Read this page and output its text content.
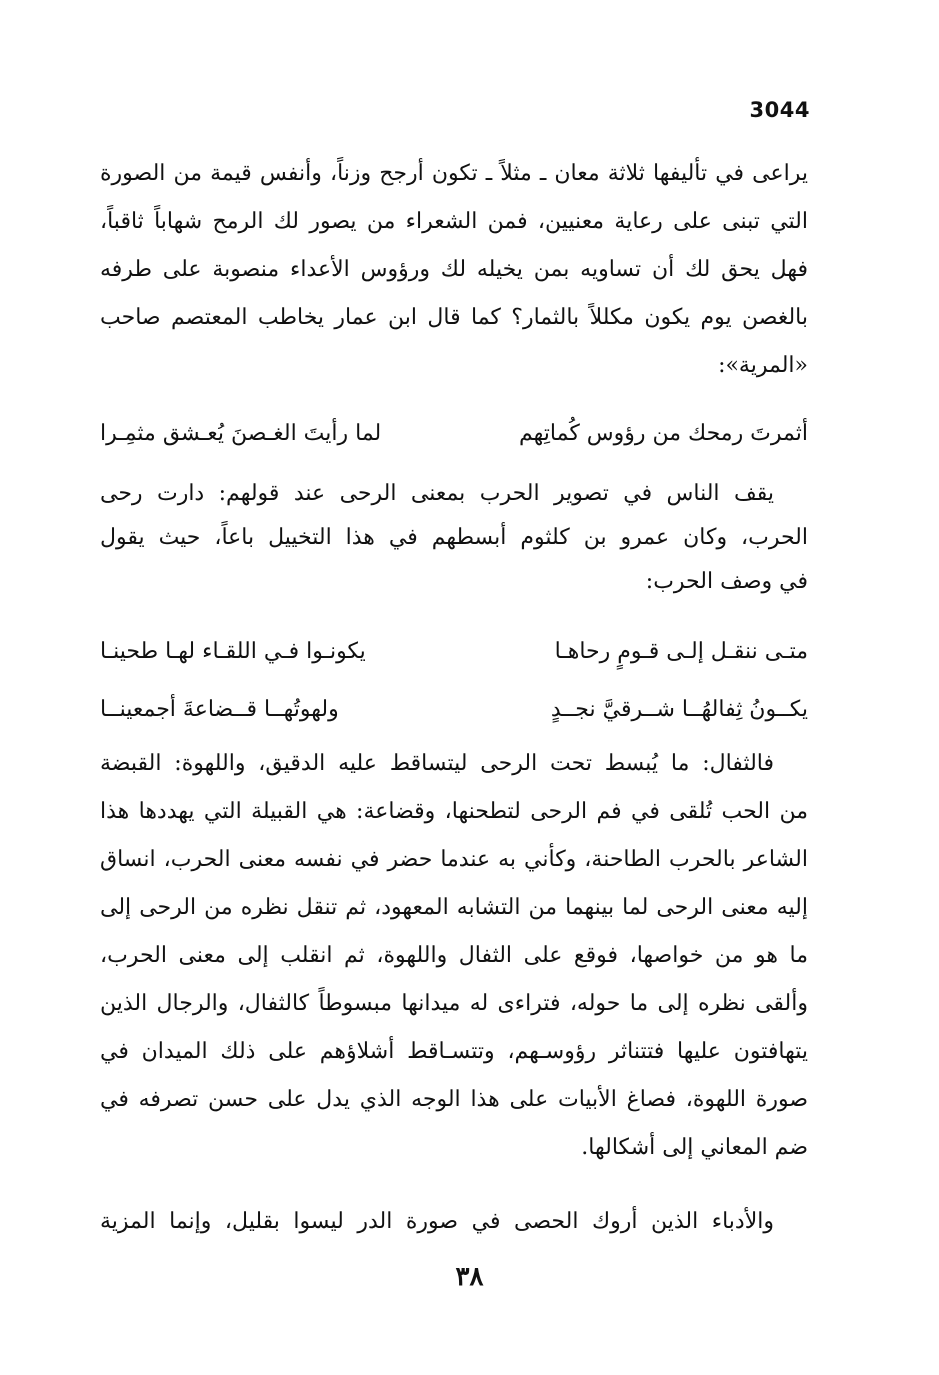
3044
يراعى في تأليفها ثلاثة معان ـ مثلاً ـ تكون أرجح وزناً، وأنفس قيمة من الصورة
التي تبنى على رعاية معنيين، فمن الشعراء من يصور لك الرمح شهاباً ثاقباً،
فهل يحق لك أن تساويه بمن يخيله لك ورؤوس الأعداء منصوبة على طرفه
بالغصن يوم يكون مكللاً بالثمار؟ كما قال ابن عمار يخاطب المعتصم صاحب
«المرية»:
أثمرتَ رمحك من رؤوس كُماتِهم
لما رأيتَ الغـصنَ يُعـشق مثمِـرا
يقف الناس في تصوير الحرب بمعنى الرحى عند قولهم: دارت رحى
الحرب، وكان عمرو بن كلثوم أبسطهم في هذا التخييل باعاً، حيث يقول
في وصف الحرب:
متـى ننقـل إلـى قـومٍ رحاهـا
يكونـوا فـي اللقـاء لهـا طحينـا
يكــونُ ثِفالهُــا شــرقيَّ نجــدٍ
ولهوتُهــا قــضاعةَ أجمعينــا
فالثفال: ما يُبسط تحت الرحى ليتساقط عليه الدقيق، واللهوة: القبضة
من الحب تُلقى في فم الرحى لتطحنها، وقضاعة: هي القبيلة التي يهددها هذا
الشاعر بالحرب الطاحنة، وكأني به عندما حضر في نفسه معنى الحرب، انساق
إليه معنى الرحى لما بينهما من التشابه المعهود، ثم تنقل نظره من الرحى إلى
ما هو من خواصها، فوقع على الثفال واللهوة، ثم انقلب إلى معنى الحرب،
وألقى نظره إلى ما حوله، فتراءى له ميدانها مبسوطاً كالثفال، والرجال الذين
يتهافتون عليها فتتناثر رؤوسـهم، وتتسـاقط أشلاؤهم على ذلك الميدان في
صورة اللهوة، فصاغ الأبيات على هذا الوجه الذي يدل على حسن تصرفه في
ضم المعاني إلى أشكالها.
والأدباء الذين أروك الحصى في صورة الدر ليسوا بقليل، وإنما المزية
٣٨
